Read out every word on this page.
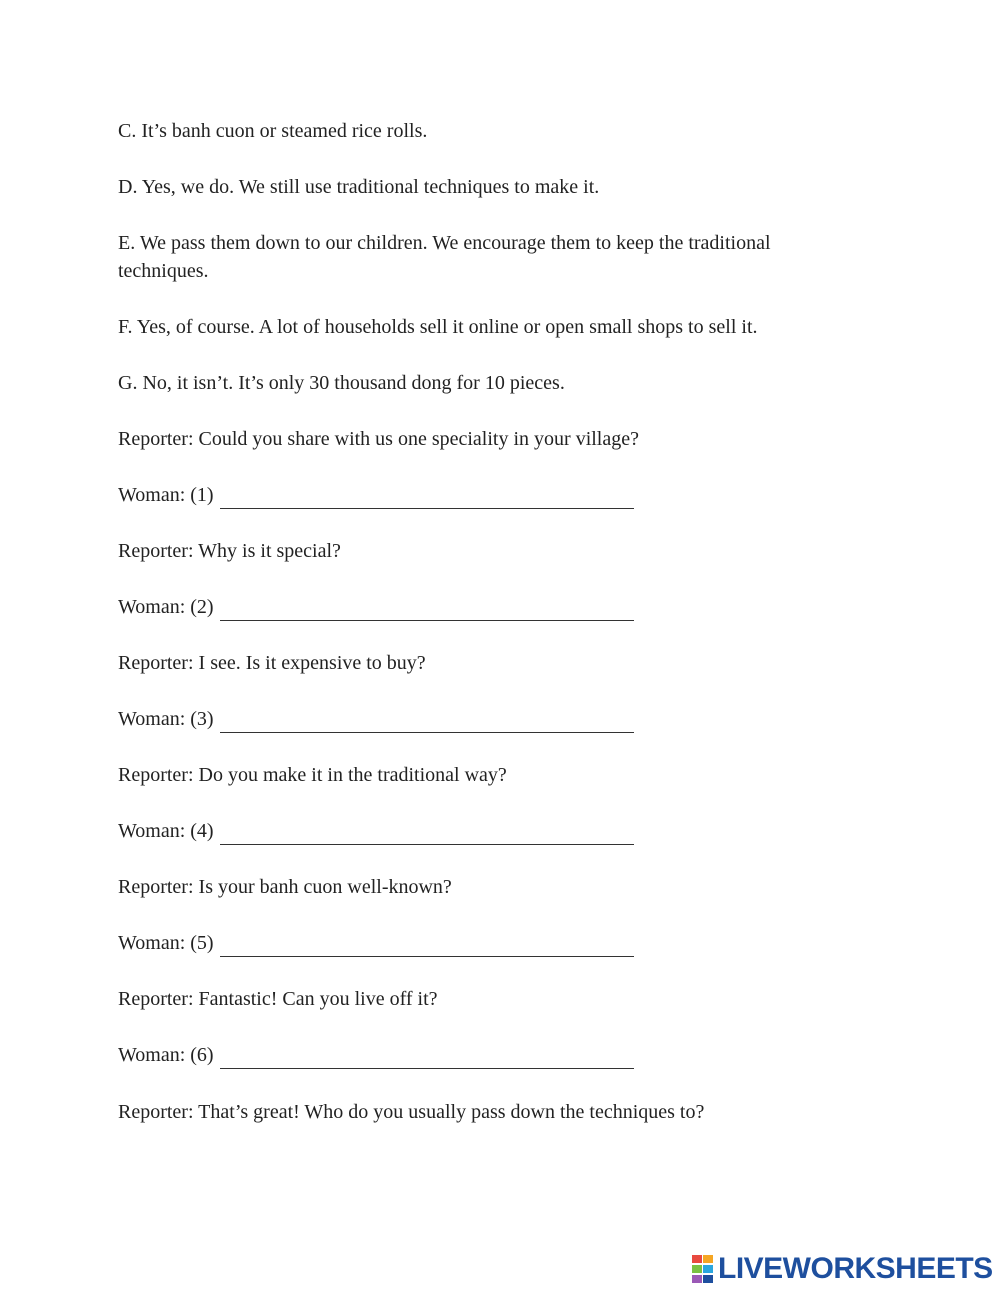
C. It’s banh cuon or steamed rice rolls.

D. Yes, we do. We still use traditional techniques to make it.

E. We pass them down to our children. We encourage them to keep the traditional techniques.

F. Yes, of course. A lot of households sell it online or open small shops to sell it.

G. No, it isn’t. It’s only 30 thousand dong for 10 pieces.

Reporter: Could you share with us one speciality in your village?

Woman: (1)

Reporter: Why is it special?

Woman: (2)

Reporter: I see. Is it expensive to buy?

Woman: (3)

Reporter: Do you make it in the traditional way?

Woman: (4)

Reporter: Is your banh cuon well-known?

Woman: (5)

Reporter: Fantastic! Can you live off it?

Woman: (6)

Reporter: That’s great! Who do you usually pass down the techniques to?

LIVEWORKSHEETS
